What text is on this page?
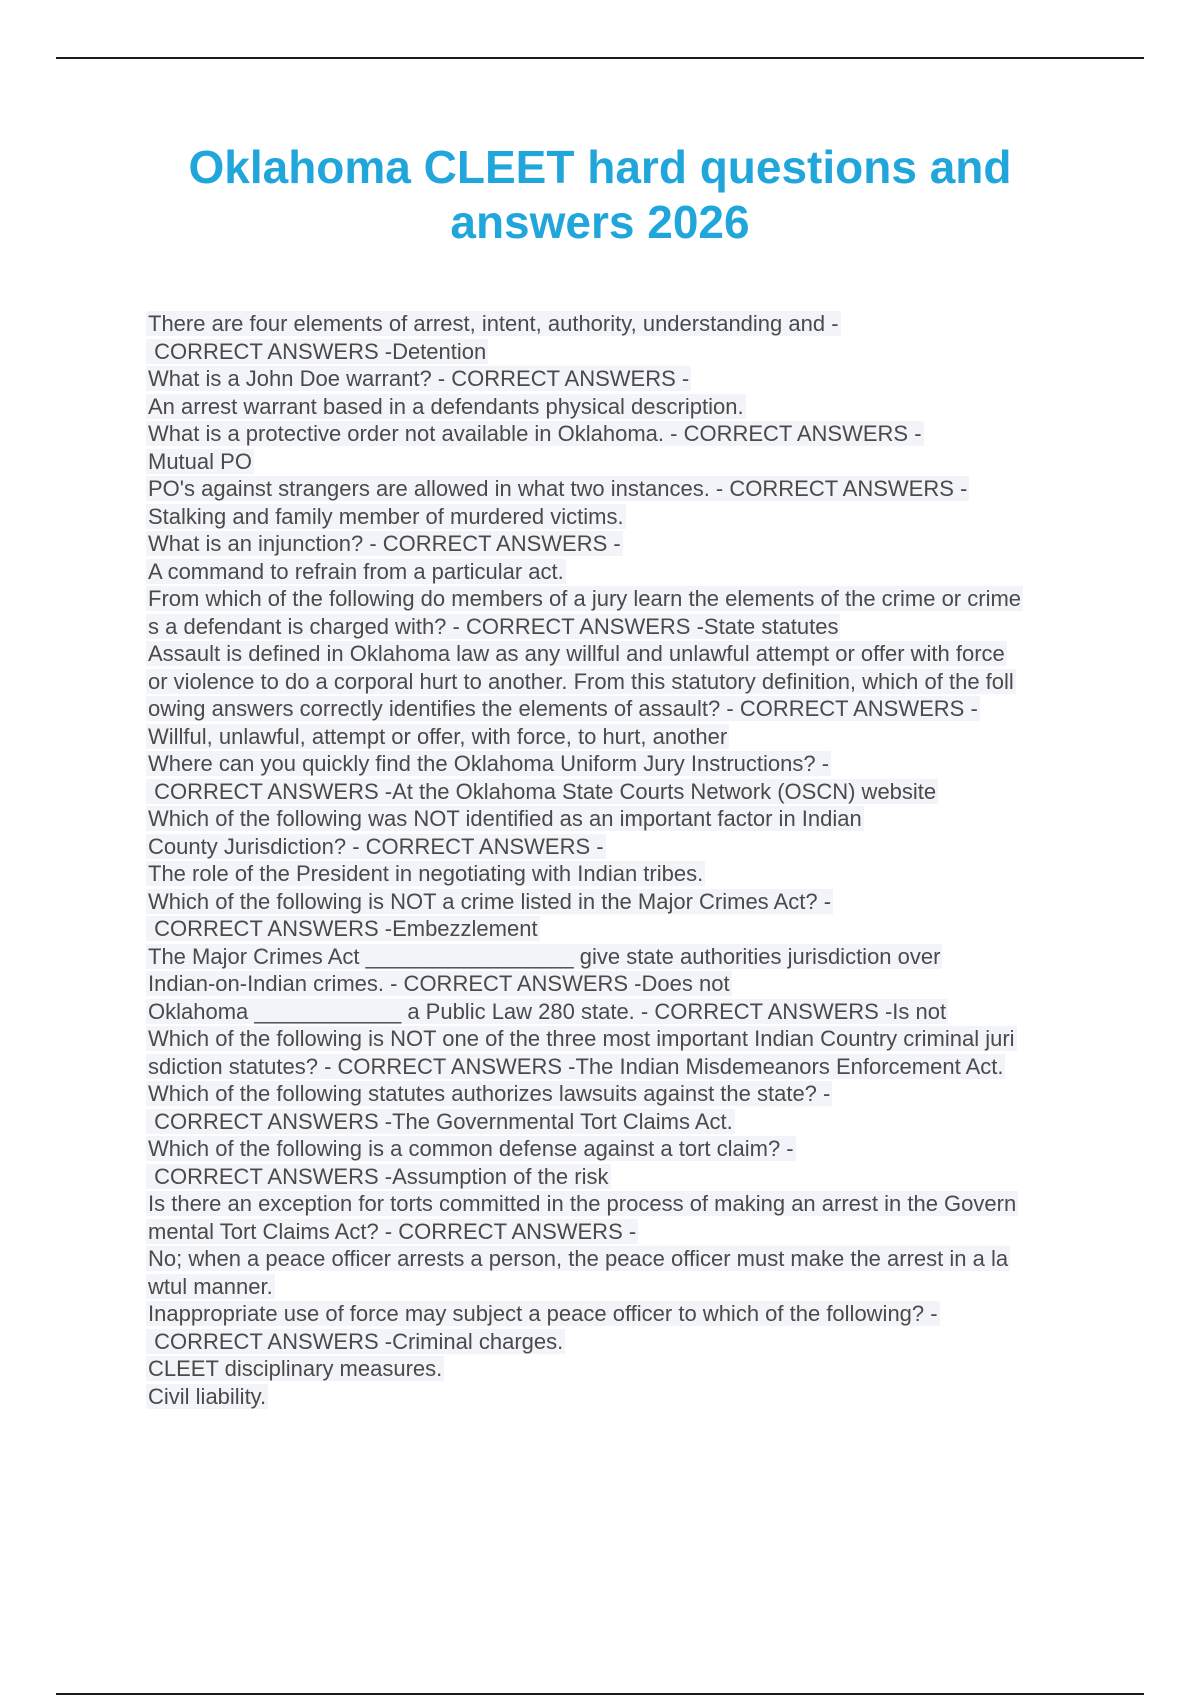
Oklahoma CLEET hard questions and
answers 2026
There are four elements of arrest, intent, authority, understanding and -
CORRECT ANSWERS -Detention
What is a John Doe warrant? - CORRECT ANSWERS -
An arrest warrant based in a defendants physical description.
What is a protective order not available in Oklahoma. - CORRECT ANSWERS -
Mutual PO
PO's against strangers are allowed in what two instances. - CORRECT ANSWERS -
Stalking and family member of murdered victims.
What is an injunction? - CORRECT ANSWERS -
A command to refrain from a particular act.
From which of the following do members of a jury learn the elements of the crime or crime
s a defendant is charged with? - CORRECT ANSWERS -State statutes
Assault is defined in Oklahoma law as any willful and unlawful attempt or offer with force
or violence to do a corporal hurt to another. From this statutory definition, which of the foll
owing answers correctly identifies the elements of assault? - CORRECT ANSWERS -
Willful, unlawful, attempt or offer, with force, to hurt, another
Where can you quickly find the Oklahoma Uniform Jury Instructions? -
CORRECT ANSWERS -At the Oklahoma State Courts Network (OSCN) website
Which of the following was NOT identified as an important factor in Indian
County Jurisdiction? - CORRECT ANSWERS -
The role of the President in negotiating with Indian tribes.
Which of the following is NOT a crime listed in the Major Crimes Act? -
CORRECT ANSWERS -Embezzlement
The Major Crimes Act _________________ give state authorities jurisdiction over
Indian-on-Indian crimes. - CORRECT ANSWERS -Does not
Oklahoma ____________ a Public Law 280 state. - CORRECT ANSWERS -Is not
Which of the following is NOT one of the three most important Indian Country criminal juri
sdiction statutes? - CORRECT ANSWERS -The Indian Misdemeanors Enforcement Act.
Which of the following statutes authorizes lawsuits against the state? -
CORRECT ANSWERS -The Governmental Tort Claims Act.
Which of the following is a common defense against a tort claim? -
CORRECT ANSWERS -Assumption of the risk
Is there an exception for torts committed in the process of making an arrest in the Govern
mental Tort Claims Act? - CORRECT ANSWERS -
No; when a peace officer arrests a person, the peace officer must make the arrest in a la
wtul manner.
Inappropriate use of force may subject a peace officer to which of the following? -
CORRECT ANSWERS -Criminal charges.
CLEET disciplinary measures.
Civil liability.
